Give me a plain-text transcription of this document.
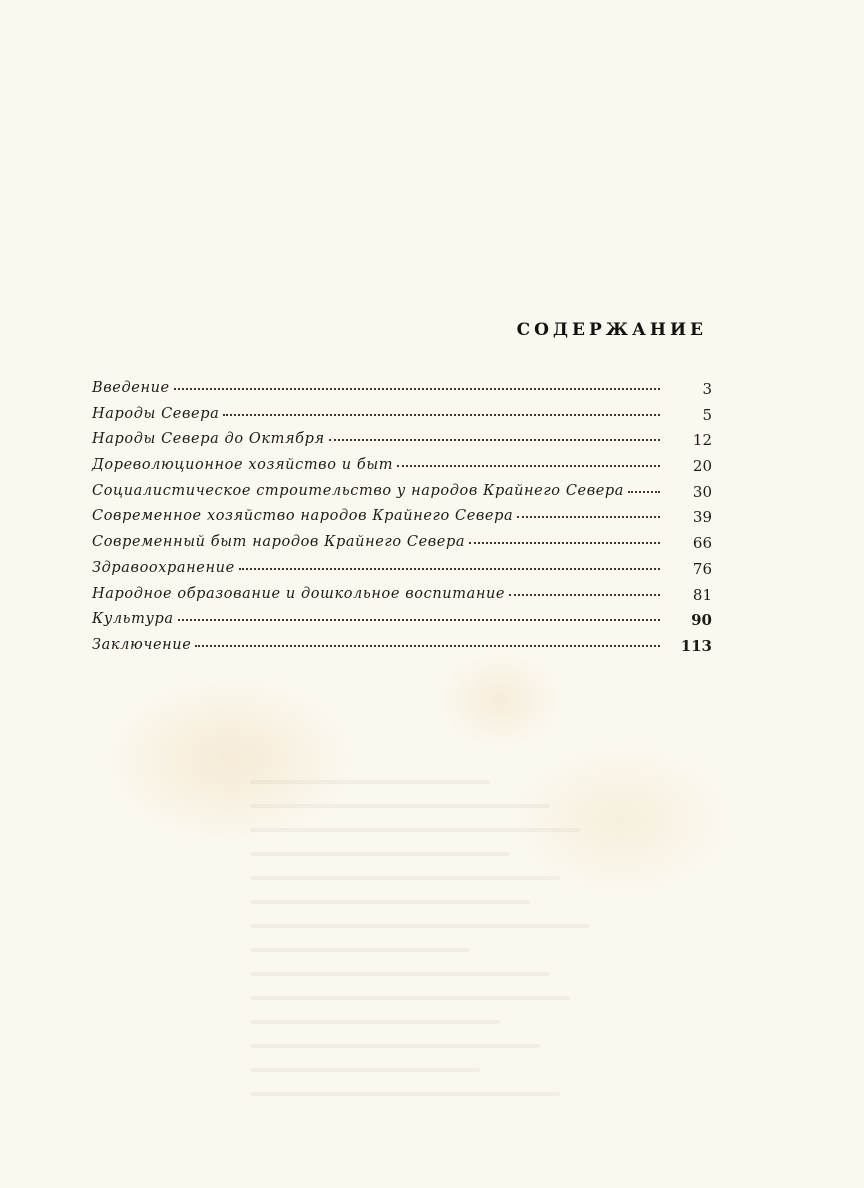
СОДЕРЖАНИЕ
Введение	3
Народы Севера	5
Народы Севера до Октября	12
Дореволюционное хозяйство и быт	20
Социалистическое строительство у народов Крайнего Севера	30
Современное хозяйство народов Крайнего Севера	39
Современный быт народов Крайнего Севера	66
Здравоохранение	76
Народное образование и дошкольное воспитание	81
Культура	90
Заключение	113
